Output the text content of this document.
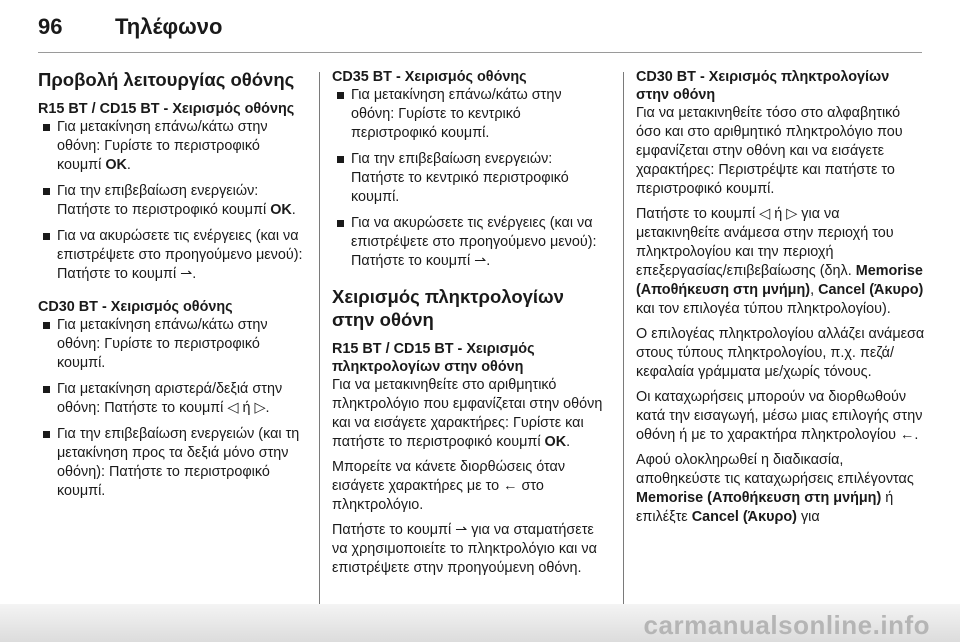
96 Τηλέφωνο
Προβολή λειτουργίας οθόνης
R15 BT / CD15 BT - Χειρισμός οθόνης
Για μετακίνηση επάνω/κάτω στην οθόνη: Γυρίστε το περιστροφικό κουμπί OK.
Για την επιβεβαίωση ενεργειών: Πατήστε το περιστροφικό κουμπί OK.
Για να ακυρώσετε τις ενέργειες (και να επιστρέψετε στο προηγούμενο μενού): Πατήστε το κουμπί ⇀.
CD30 BT - Χειρισμός οθόνης
Για μετακίνηση επάνω/κάτω στην οθόνη: Γυρίστε το περιστροφικό κουμπί.
Για μετακίνηση αριστερά/δεξιά στην οθόνη: Πατήστε το κουμπί ◁ ή ▷.
Για την επιβεβαίωση ενεργειών (και τη μετακίνηση προς τα δεξιά μόνο στην οθόνη): Πατήστε το περιστροφικό κουμπί.
CD35 BT - Χειρισμός οθόνης
Για μετακίνηση επάνω/κάτω στην οθόνη: Γυρίστε το κεντρικό περιστροφικό κουμπί.
Για την επιβεβαίωση ενεργειών: Πατήστε το κεντρικό περιστροφικό κουμπί.
Για να ακυρώσετε τις ενέργειες (και να επιστρέψετε στο προηγούμενο μενού): Πατήστε το κουμπί ⇀.
Χειρισμός πληκτρολογίων στην οθόνη
R15 BT / CD15 BT - Χειρισμός πληκτρολογίων στην οθόνη

Για να μετακινηθείτε στο αριθμητικό πληκτρολόγιο που εμφανίζεται στην οθόνη και να εισάγετε χαρακτήρες: Γυρίστε και πατήστε το περιστροφικό κουμπί OK.

Μπορείτε να κάνετε διορθώσεις όταν εισάγετε χαρακτήρες με το ← στο πληκτρολόγιο.

Πατήστε το κουμπί ⇀ για να σταματήσετε να χρησιμοποιείτε το πληκτρολόγιο και να επιστρέψετε στην προηγούμενη οθόνη.

CD30 BT - Χειρισμός πληκτρολογίων στην οθόνη

Για να μετακινηθείτε τόσο στο αλφαβητικό όσο και στο αριθμητικό πληκτρολόγιο που εμφανίζεται στην οθόνη και να εισάγετε χαρακτήρες: Περιστρέψτε και πατήστε το περιστροφικό κουμπί.

Πατήστε το κουμπί ◁ ή ▷ για να μετακινηθείτε ανάμεσα στην περιοχή του πληκτρολογίου και την περιοχή επεξεργασίας/επιβεβαίωσης (δηλ. Memorise (Αποθήκευση στη μνήμη), Cancel (Άκυρο) και τον επιλογέα τύπου πληκτρολογίου).

Ο επιλογέας πληκτρολογίου αλλάζει ανάμεσα στους τύπους πληκτρολογίου, π.χ. πεζά/κεφαλαία γράμματα με/χωρίς τόνους.

Οι καταχωρήσεις μπορούν να διορθωθούν κατά την εισαγωγή, μέσω μιας επιλογής στην οθόνη ή με το χαρακτήρα πληκτρολογίου ←.

Αφού ολοκληρωθεί η διαδικασία, αποθηκεύστε τις καταχωρήσεις επιλέγοντας Memorise (Αποθήκευση στη μνήμη) ή επιλέξτε Cancel (Άκυρο) για

carmanualsonline.info
